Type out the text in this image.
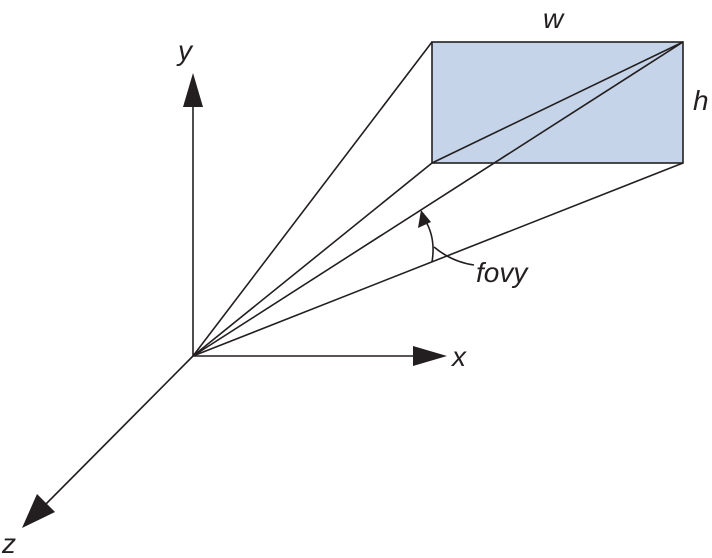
y
x
z
w
h
fovy
